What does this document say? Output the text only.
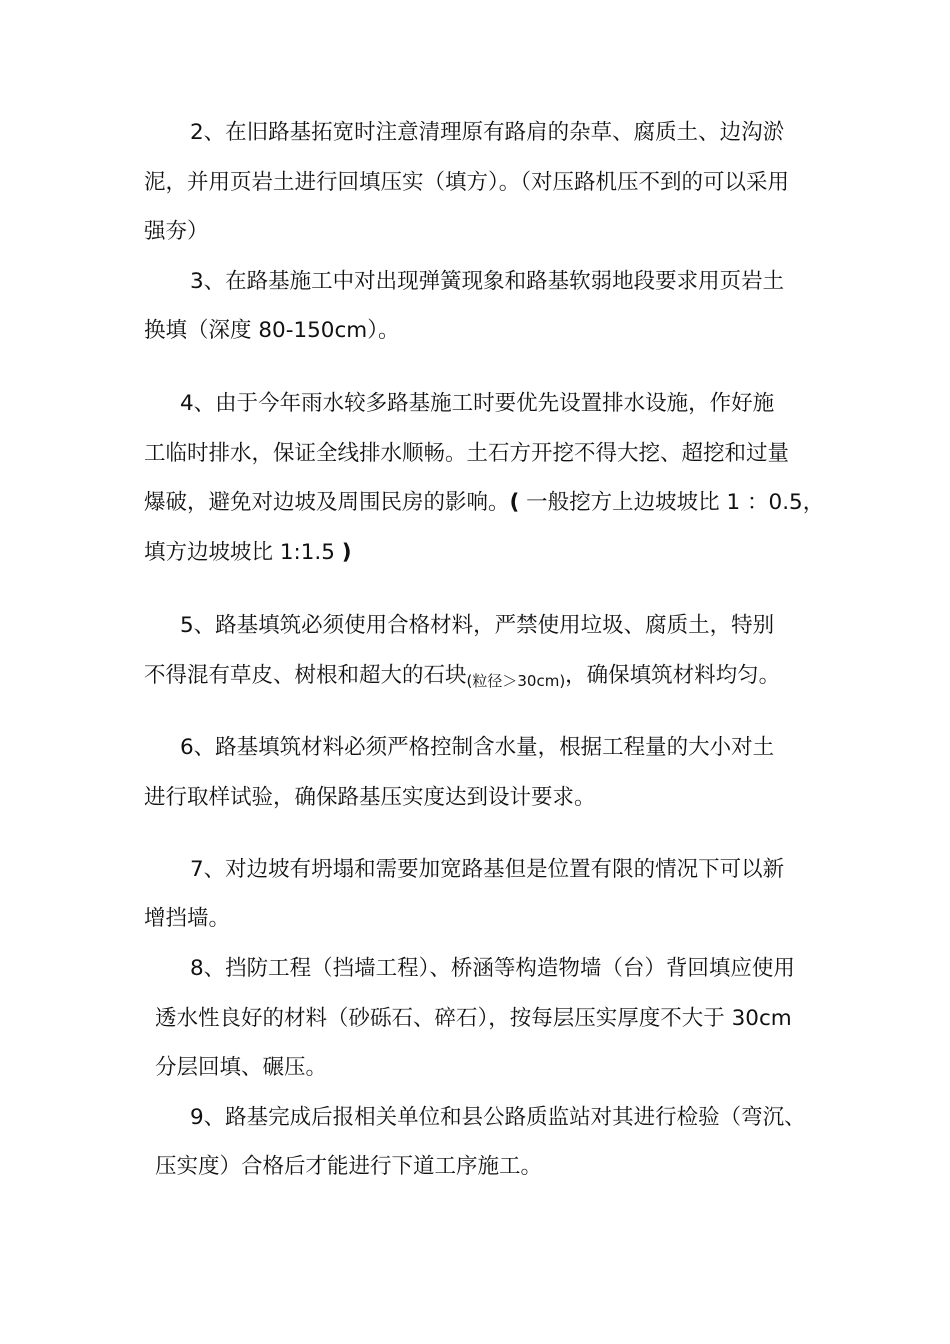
2、在旧路基拓宽时注意清理原有路肩的杂草、腐质土、边沟淤
泥，并用页岩土进行回填压实（填方）。（对压路机压不到的可以采用
强夯）
3、在路基施工中对出现弹簧现象和路基软弱地段要求用页岩土
换填（深度 80-150cm）。
4、由于今年雨水较多路基施工时要优先设置排水设施，作好施
工临时排水，保证全线排水顺畅。土石方开挖不得大挖、超挖和过量
爆破，避免对边坡及周围民房的影响。( 一般挖方上边坡坡比 1 ：0.5，
填方边坡坡比 1:1.5 )
5、路基填筑必须使用合格材料，严禁使用垃圾、腐质土，特别
不得混有草皮、树根和超大的石块(粒径＞30cm)，确保填筑材料均匀。
6、路基填筑材料必须严格控制含水量，根据工程量的大小对土
进行取样试验，确保路基压实度达到设计要求。
7、对边坡有坍塌和需要加宽路基但是位置有限的情况下可以新
增挡墙。
8、挡防工程（挡墙工程）、桥涵等构造物墙（台）背回填应使用
透水性良好的材料（砂砾石、碎石），按每层压实厚度不大于 30cm
分层回填、碾压。
9、路基完成后报相关单位和县公路质监站对其进行检验（弯沉、
压实度）合格后才能进行下道工序施工。
